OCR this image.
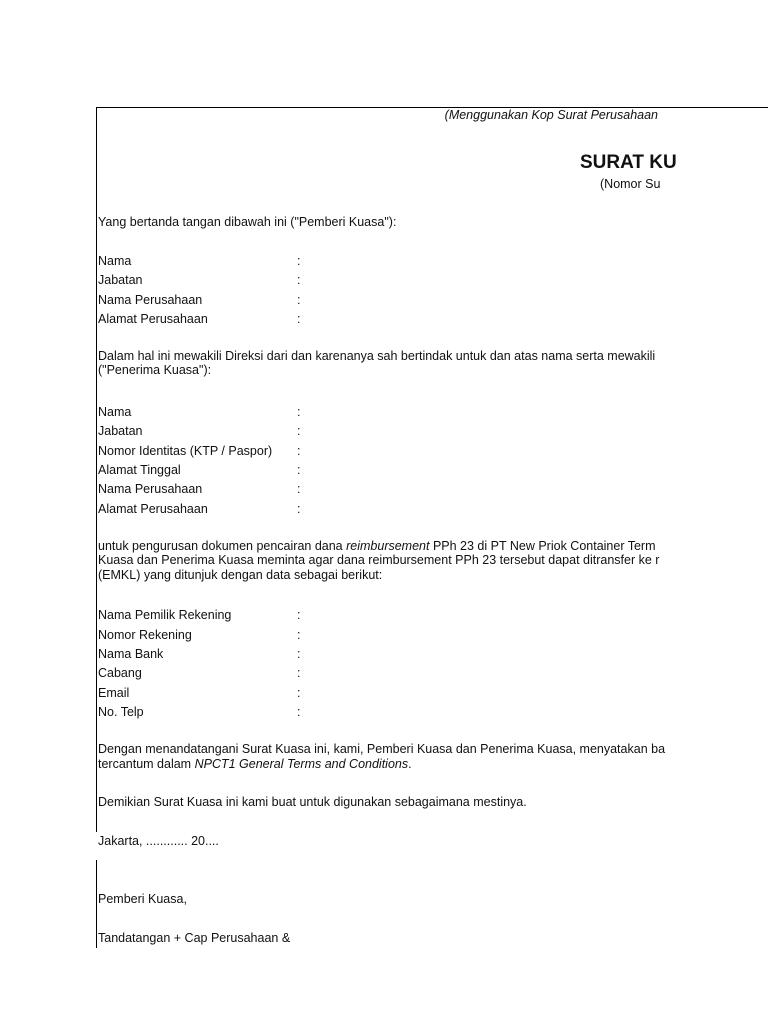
(Menggunakan Kop Surat Perusahaan
SURAT KU
(Nomor Su
Yang bertanda tangan dibawah ini ("Pemberi Kuasa"):
Nama	:
Jabatan	:
Nama Perusahaan	:
Alamat Perusahaan	:
Dalam hal ini mewakili Direksi dari dan karenanya sah bertindak untuk dan atas nama serta mewakili
("Penerima Kuasa"):
Nama	:
Jabatan	:
Nomor Identitas (KTP / Paspor)	:
Alamat Tinggal	:
Nama Perusahaan	:
Alamat Perusahaan	:
untuk pengurusan dokumen pencairan dana reimbursement PPh 23 di PT New Priok Container Term
Kuasa dan Penerima Kuasa meminta agar dana reimbursement PPh 23 tersebut dapat ditransfer ke r
(EMKL) yang ditunjuk dengan data sebagai berikut:
Nama Pemilik Rekening	:
Nomor Rekening	:
Nama Bank	:
Cabang	:
Email	:
No. Telp	:
Dengan menandatangani Surat Kuasa ini, kami, Pemberi Kuasa dan Penerima Kuasa, menyatakan ba
tercantum dalam NPCT1 General Terms and Conditions.
Demikian Surat Kuasa ini kami buat untuk digunakan sebagaimana mestinya.
Jakarta, ............ 20....
Pemberi Kuasa,
Tandatangan + Cap Perusahaan &
